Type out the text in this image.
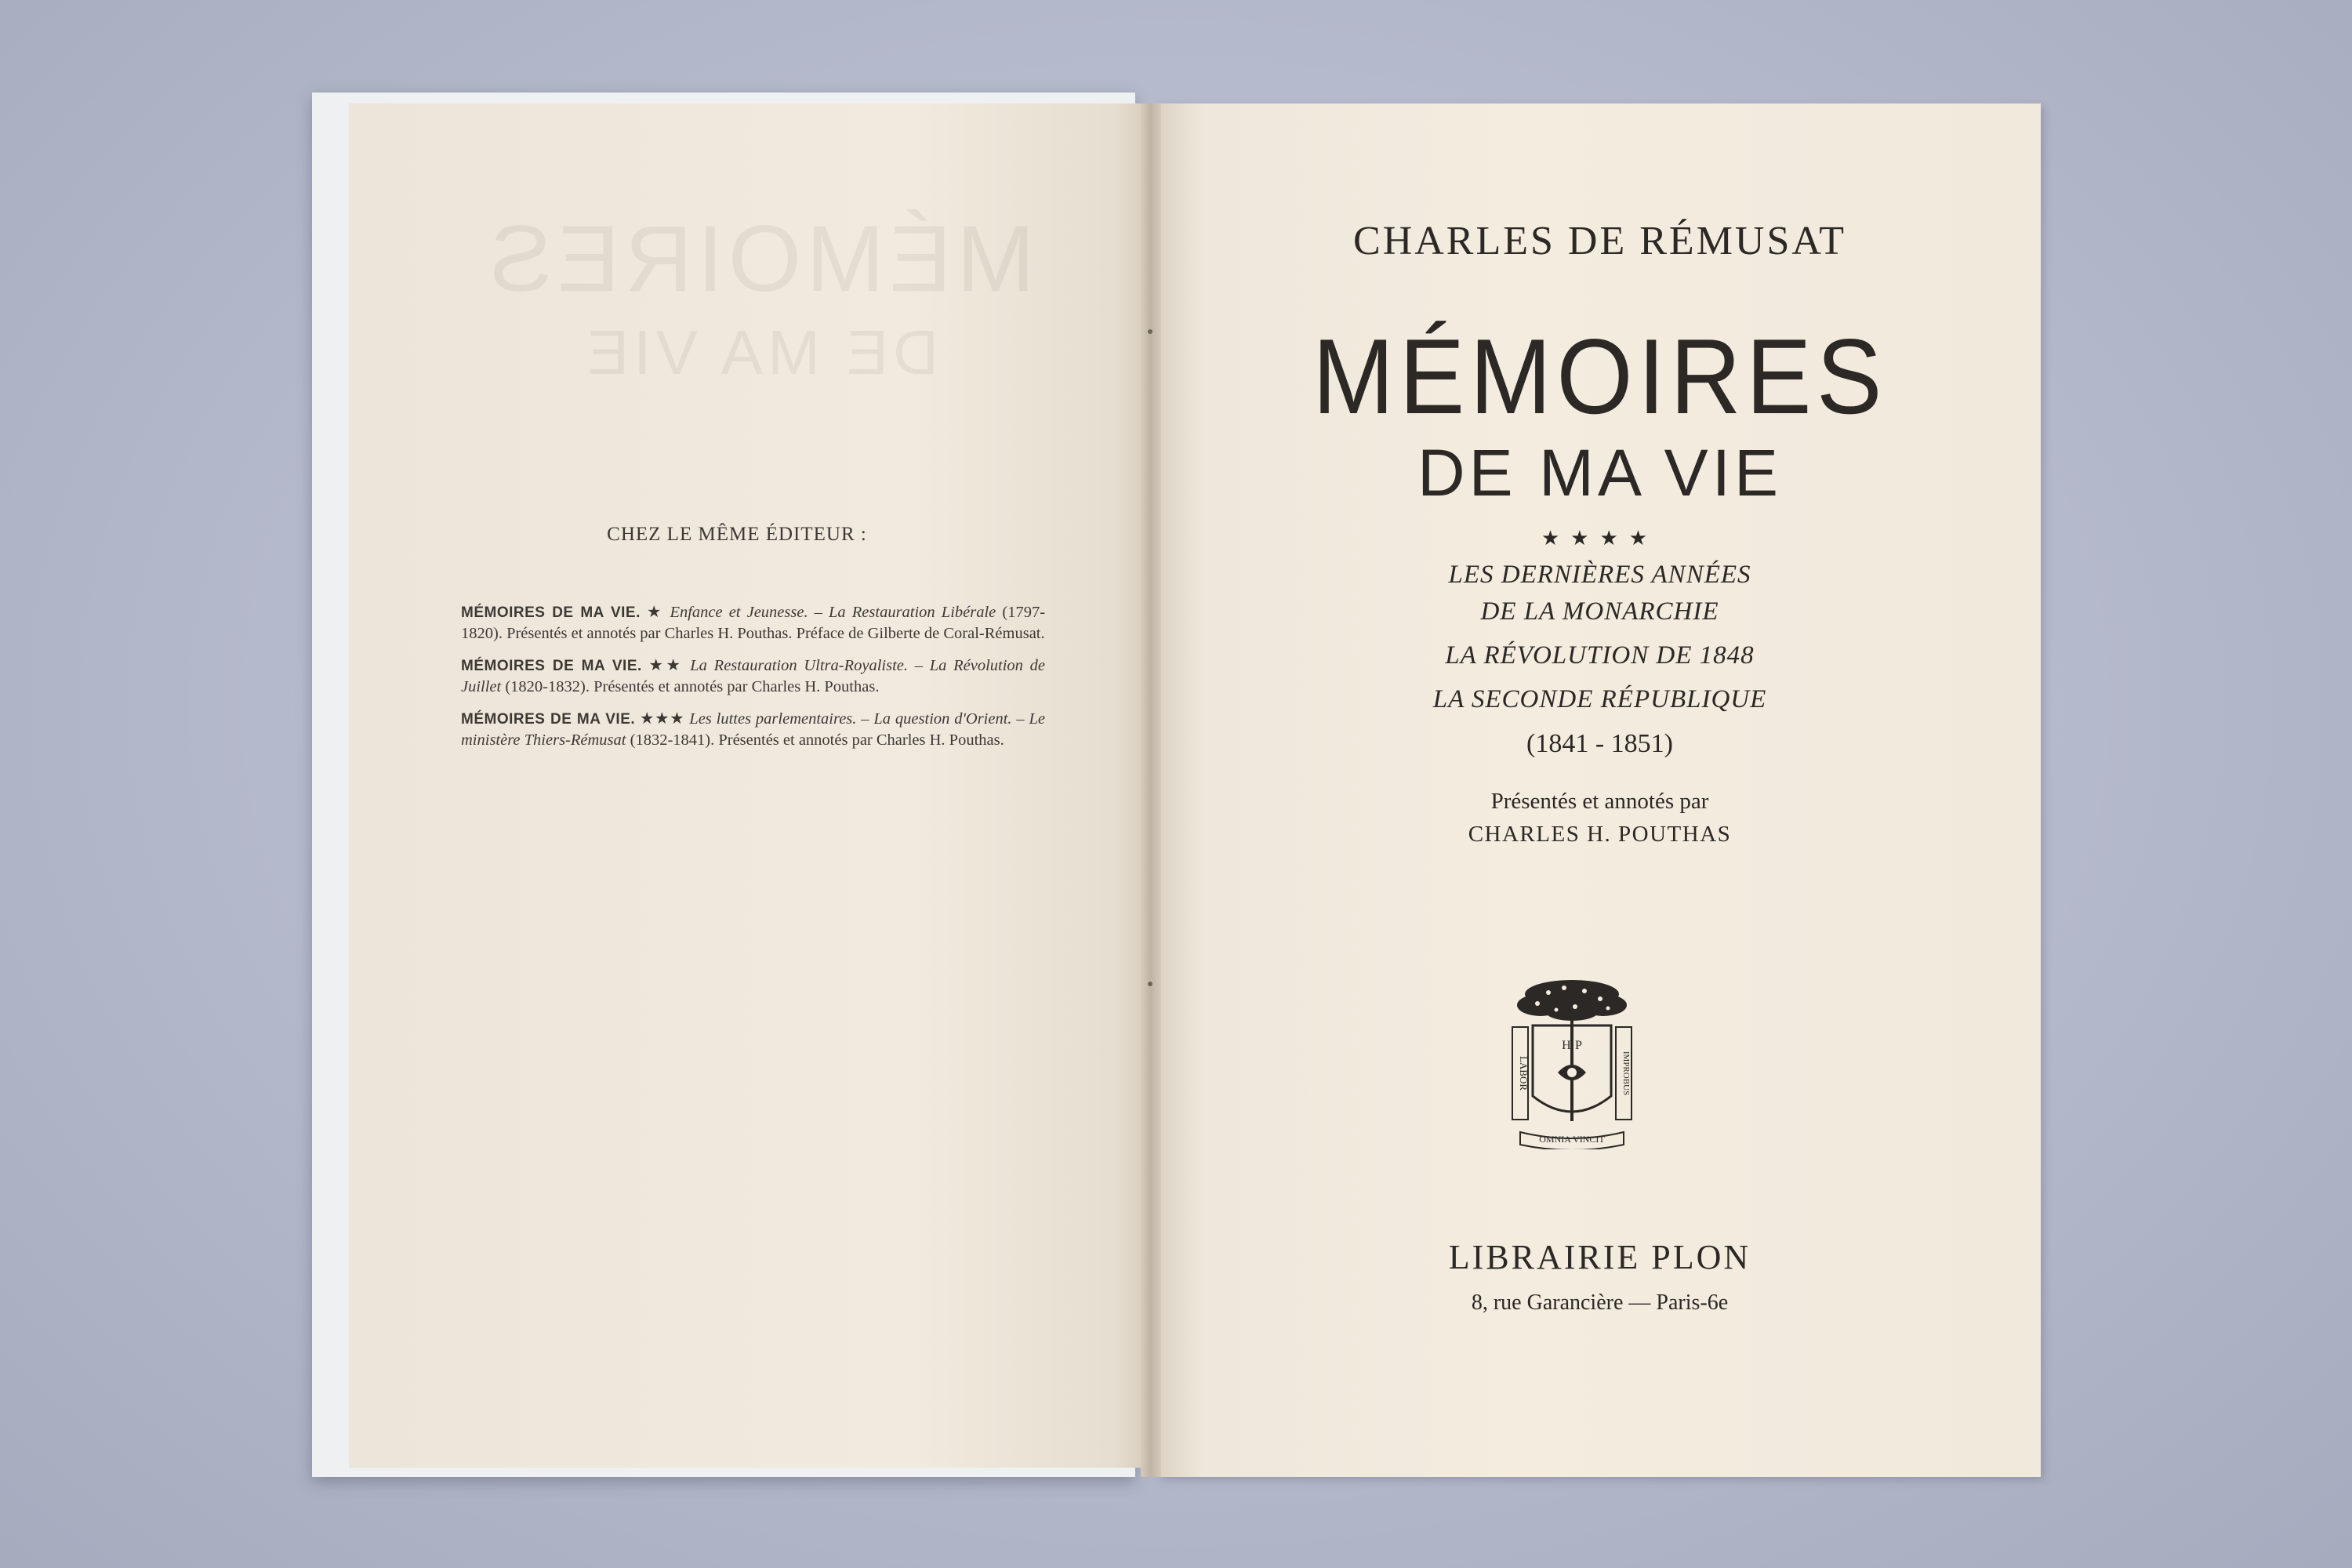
MÉMOIRES
DE MA VIE
CHEZ LE MÊME ÉDITEUR :
MÉMOIRES DE MA VIE. ★ Enfance et Jeunesse. – La Restauration Libérale (1797-1820). Présentés et annotés par Charles H. Pouthas. Préface de Gilberte de Coral-Rémusat.
MÉMOIRES DE MA VIE. ★★ La Restauration Ultra-Royaliste. – La Révolution de Juillet (1820-1832). Présentés et annotés par Charles H. Pouthas.
MÉMOIRES DE MA VIE. ★★★ Les luttes parlementaires. – La question d'Orient. – Le ministère Thiers-Rémusat (1832-1841). Présentés et annotés par Charles H. Pouthas.
CHARLES DE RÉMUSAT
MÉMOIRES
DE MA VIE
★★★★
LES DERNIÈRES ANNÉES
DE LA MONARCHIE
LA RÉVOLUTION DE 1848
LA SECONDE RÉPUBLIQUE
(1841 - 1851)
Présentés et annotés par
CHARLES H. POUTHAS
LABOR	IMPROBUS
H·P
OMNIA VINCIT
LIBRAIRIE PLON
8, rue Garancière — Paris-6e
